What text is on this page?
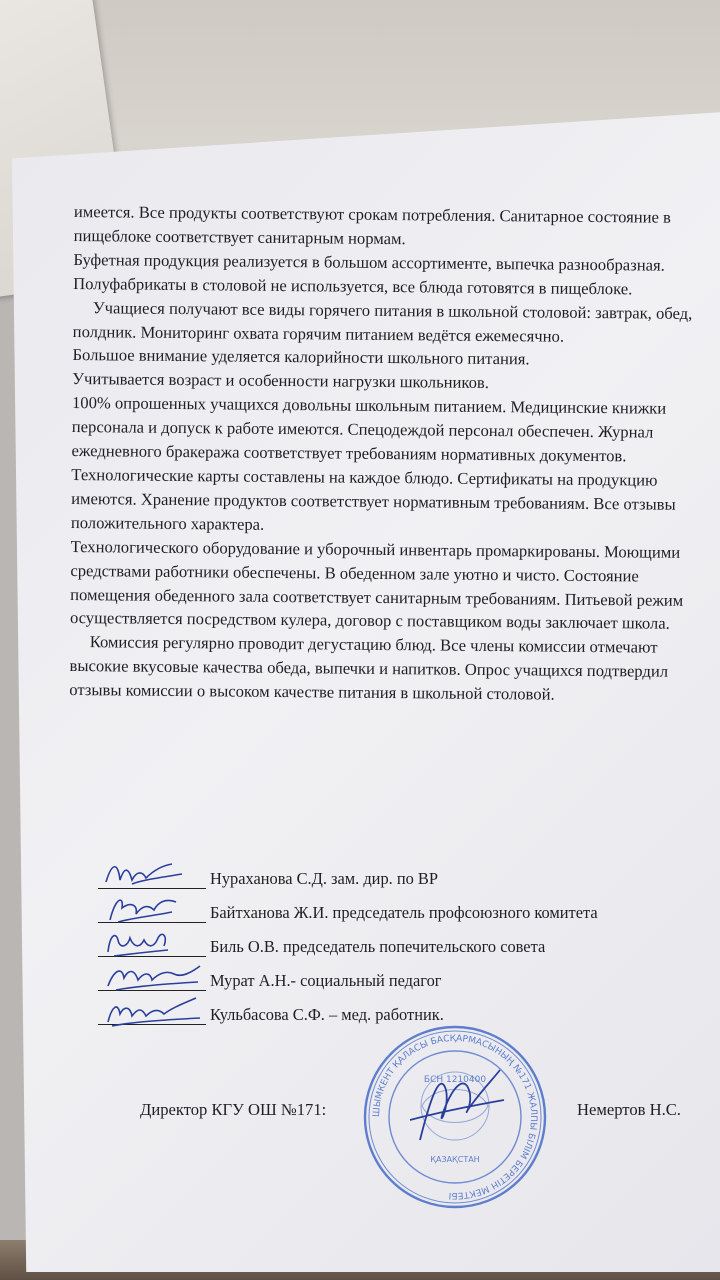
имеется. Все продукты соответствуют срокам потребления. Санитарное состояние в пищеблоке соответствует санитарным нормам.

Буфетная продукция реализуется в большом ассортименте, выпечка разнообразная. Полуфабрикаты в столовой не используется, все блюда готовятся в пищеблоке.

Учащиеся получают все виды горячего питания в школьной столовой: завтрак, обед, полдник. Мониторинг охвата горячим питанием ведётся ежемесячно.

Большое внимание уделяется калорийности школьного питания.

Учитывается возраст и особенности нагрузки школьников.

100% опрошенных учащихся довольны школьным питанием. Медицинские книжки персонала и допуск к работе имеются. Спецодеждой персонал обеспечен. Журнал ежедневного бракеража соответствует требованиям нормативных документов.

Технологические карты составлены на каждое блюдо. Сертификаты на продукцию имеются. Хранение продуктов соответствует нормативным требованиям. Все отзывы положительного характера.

Технологического оборудование и уборочный инвентарь промаркированы. Моющими средствами работники обеспечены. В обеденном зале уютно и чисто. Состояние помещения обеденного зала соответствует санитарным требованиям. Питьевой режим осуществляется посредством кулера, договор с поставщиком воды заключает школа.

Комиссия регулярно проводит дегустацию блюд. Все члены комиссии отмечают высокие вкусовые качества обеда, выпечки и напитков. Опрос учащихся подтвердил отзывы комиссии о высоком качестве питания в школьной столовой.

Нураханова С.Д. зам. дир. по ВР
Байтханова Ж.И. председатель профсоюзного комитета
Биль О.В. председатель попечительского совета
Мурат А.Н.- социальный педагог
Кульбасова С.Ф. – мед. работник.
ШЫМКЕНТ ҚАЛАСЫ БАСҚАРМАСЫНЫҢ №171 ЖАЛПЫ БІЛІМ БЕРЕТІН МЕКТЕБІ
БСН 1210400
ҚАЗАҚСТАН
Директор КГУ ОШ №171:	Немертов Н.С.
